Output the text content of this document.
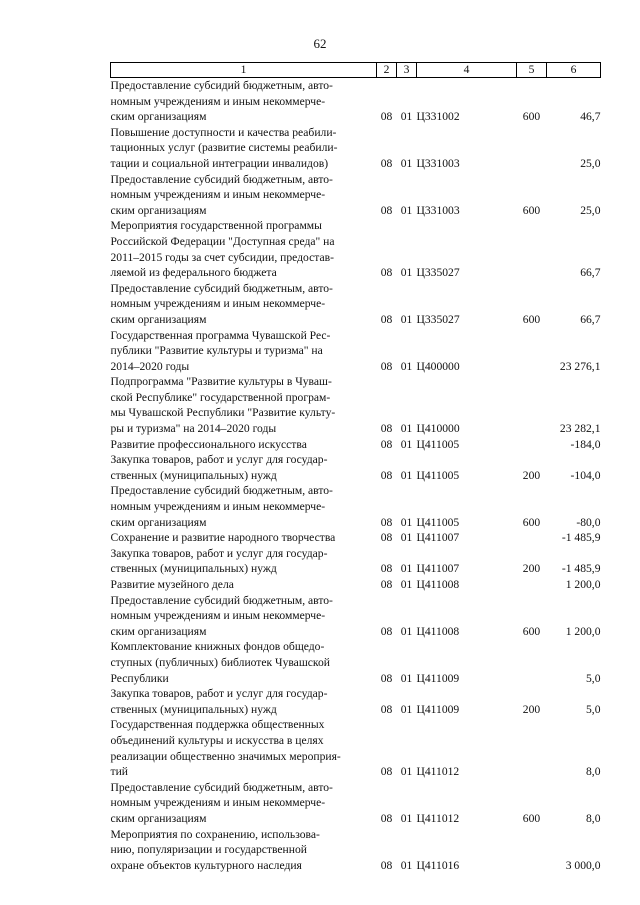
62
1	2	3	4	5	6

Предоставление субсидий бюджетным, авто-
номным учреждениям и иным некоммерче-
ским организациям	08	01	Ц331002	600	46,7

Повышение доступности и качества реабили-
тационных услуг (развитие системы реабили-
тации и социальной интеграции инвалидов)	08	01	Ц331003		25,0

Предоставление субсидий бюджетным, авто-
номным учреждениям и иным некоммерче-
ским организациям	08	01	Ц331003	600	25,0

Мероприятия государственной программы
Российской Федерации "Доступная среда" на
2011–2015 годы за счет субсидии, предостав-
ляемой из федерального бюджета	08	01	Ц335027		66,7

Предоставление субсидий бюджетным, авто-
номным учреждениям и иным некоммерче-
ским организациям	08	01	Ц335027	600	66,7

Государственная программа Чувашской Рес-
публики "Развитие культуры и туризма" на
2014–2020 годы	08	01	Ц400000		23 276,1

Подпрограмма "Развитие культуры в Чуваш-
ской Республике" государственной програм-
мы Чувашской Республики "Развитие культу-
ры и туризма" на 2014–2020 годы	08	01	Ц410000		23 282,1

Развитие профессионального искусства	08	01	Ц411005		-184,0

Закупка товаров, работ и услуг для государ-
ственных (муниципальных) нужд	08	01	Ц411005	200	-104,0

Предоставление субсидий бюджетным, авто-
номным учреждениям и иным некоммерче-
ским организациям	08	01	Ц411005	600	-80,0

Сохранение и развитие народного творчества	08	01	Ц411007		-1 485,9

Закупка товаров, работ и услуг для государ-
ственных (муниципальных) нужд	08	01	Ц411007	200	-1 485,9

Развитие музейного дела	08	01	Ц411008		1 200,0

Предоставление субсидий бюджетным, авто-
номным учреждениям и иным некоммерче-
ским организациям	08	01	Ц411008	600	1 200,0

Комплектование книжных фондов общедо-
ступных (публичных) библиотек Чувашской
Республики	08	01	Ц411009		5,0

Закупка товаров, работ и услуг для государ-
ственных (муниципальных) нужд	08	01	Ц411009	200	5,0

Государственная поддержка общественных
объединений культуры и искусства в целях
реализации общественно значимых мероприя-
тий	08	01	Ц411012		8,0

Предоставление субсидий бюджетным, авто-
номным учреждениям и иным некоммерче-
ским организациям	08	01	Ц411012	600	8,0

Мероприятия по сохранению, использова-
нию, популяризации и государственной
охране объектов культурного наследия	08	01	Ц411016		3 000,0
